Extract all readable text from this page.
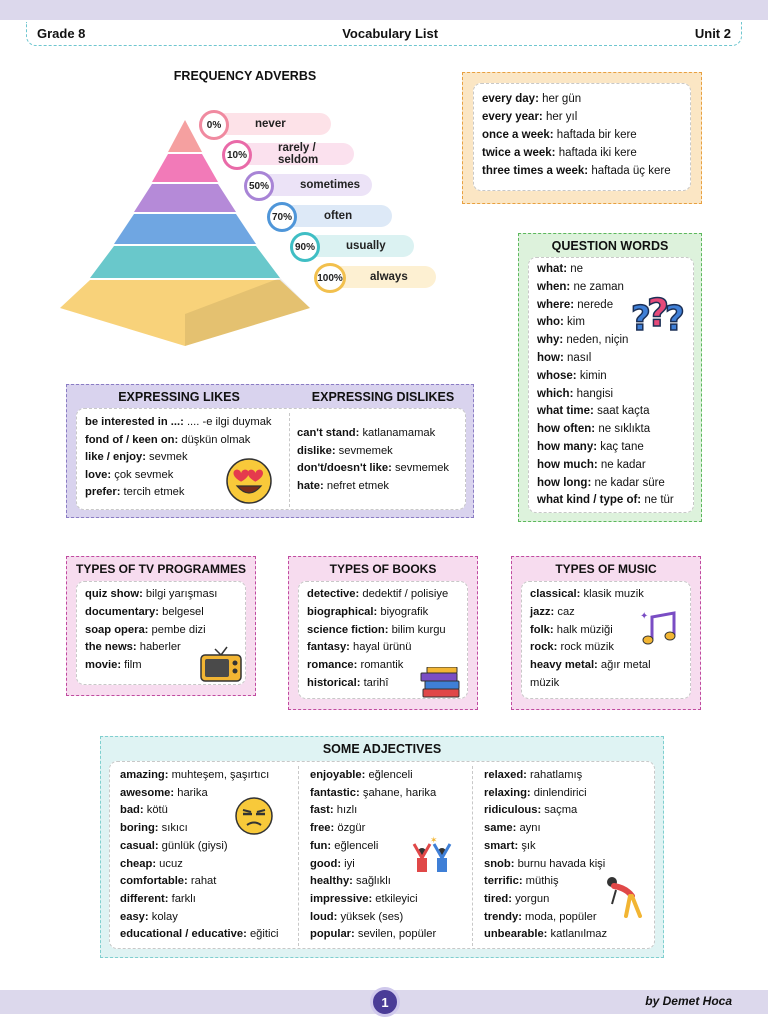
Grade 8	Vocabulary List	Unit 2
FREQUENCY ADVERBS
never
0%
rarely / seldom
10%
sometimes
50%
often
70%
usually
90%
always
100%
every day: her gün
every year: her yıl
once a week: haftada bir kere
twice a week: haftada iki kere
three times a week: haftada üç kere
QUESTION WORDS
what: ne
when: ne zaman
where: nerede
who: kim
why: neden, niçin
how: nasıl
whose: kimin
which: hangisi
what time: saat kaçta
how often: ne sıklıkta
how many: kaç tane
how much: ne kadar
how long: ne kadar süre
what kind / type of: ne tür
?
?
?
EXPRESSING LIKES	EXPRESSING DISLIKES
be interested in ...: .... -e ilgi duymak
fond of / keen on: düşkün olmak
like / enjoy: sevmek
love: çok sevmek
prefer: tercih etmek
can't stand: katlanamamak
dislike: sevmemek
don't/doesn't like: sevmemek
hate: nefret etmek
TYPES OF TV PROGRAMMES
quiz show: bilgi yarışması
documentary: belgesel
soap opera: pembe dizi
the news: haberler
movie: film
TYPES OF BOOKS
detective: dedektif / polisiye
biographical: biyografik
science fiction: bilim kurgu
fantasy: hayal ürünü
romance: romantik
historical: tarihî
TYPES OF MUSIC
classical: klasik muzik
jazz: caz
folk: halk müziği
rock: rock müzik
heavy metal: ağır metal
müzik
✦
SOME ADJECTIVES
amazing: muhteşem, şaşırtıcı
awesome: harika
bad: kötü
boring: sıkıcı
casual: günlük (giysi)
cheap: ucuz
comfortable: rahat
different: farklı
easy: kolay
educational / educative: eğitici
enjoyable: eğlenceli
fantastic: şahane, harika
fast: hızlı
free: özgür
fun: eğlenceli
good: iyi
healthy: sağlıklı
impressive: etkileyici
loud: yüksek (ses)
popular: sevilen, popüler
relaxed: rahatlamış
relaxing: dinlendirici
ridiculous: saçma
same: aynı
smart: şık
snob: burnu havada kişi
terrific: müthiş
tired: yorgun
trendy: moda, popüler
unbearable: katlanılmaz
✶
1	by Demet Hoca
